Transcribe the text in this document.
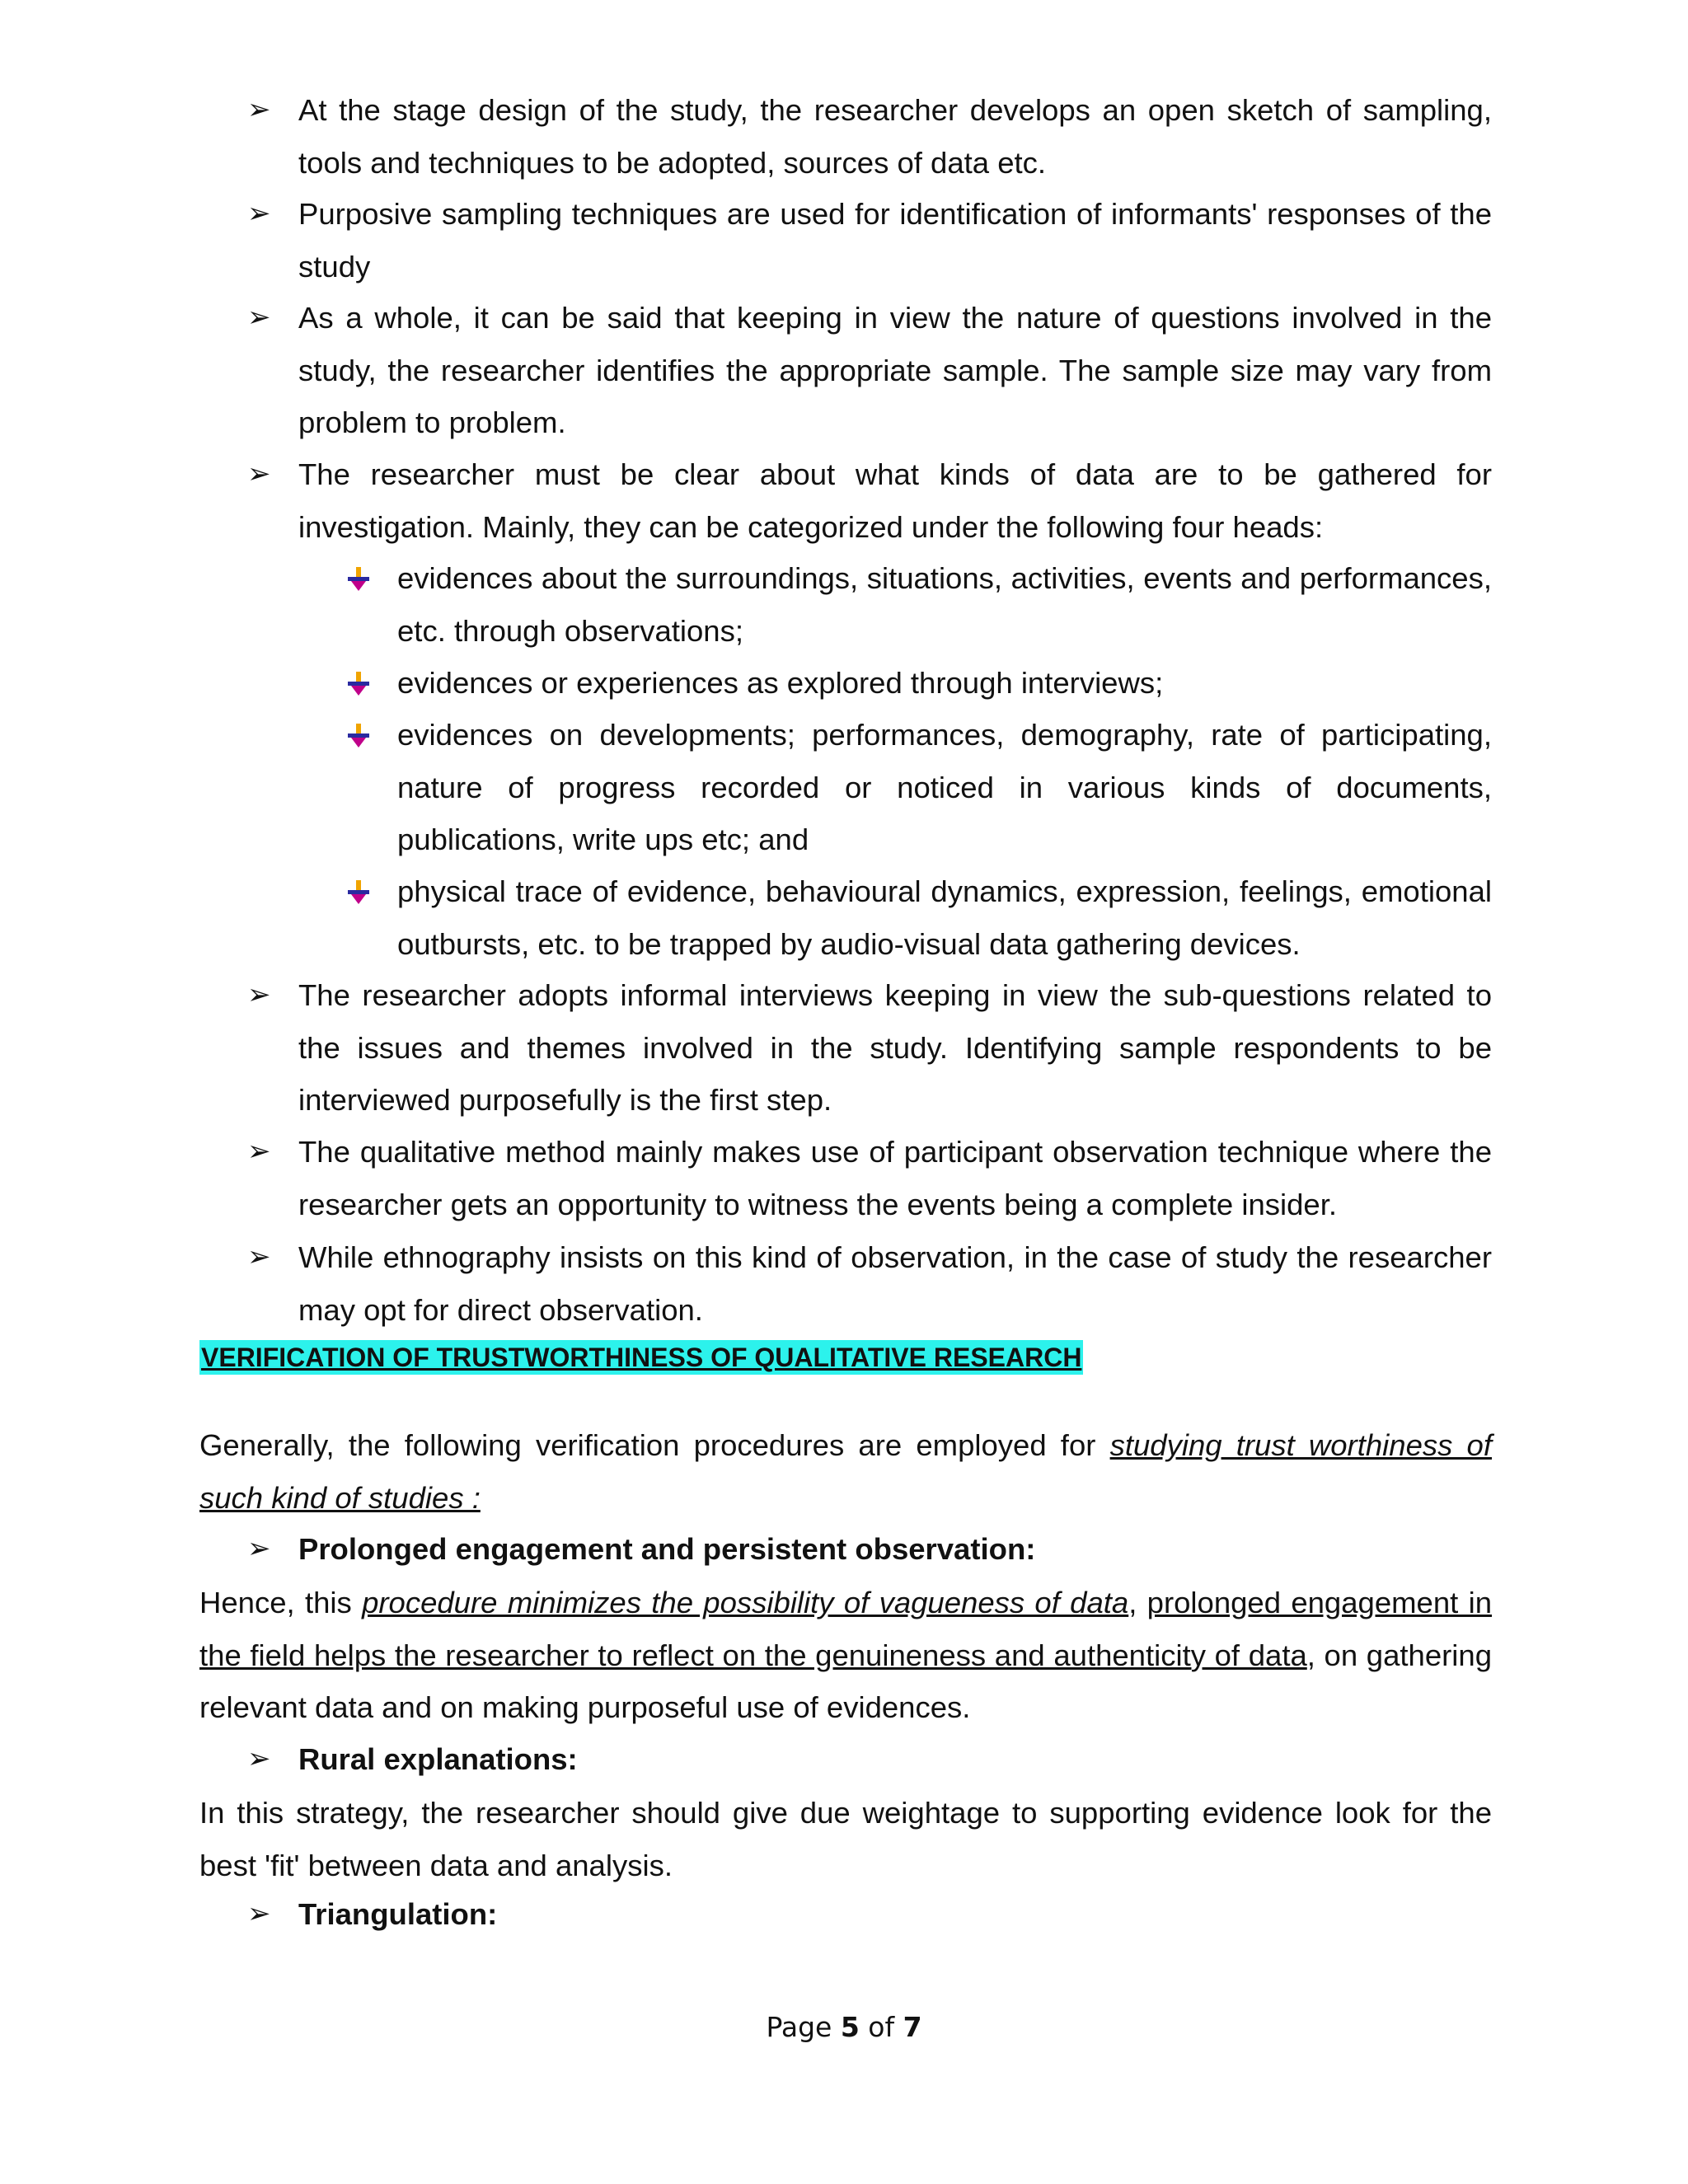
➢ At the stage design of the study, the researcher develops an open sketch of sampling, tools and techniques to be adopted, sources of data etc.
➢ Purposive sampling techniques are used for identification of informants' responses of the study
➢ As a whole, it can be said that keeping in view the nature of questions involved in the study, the researcher identifies the appropriate sample. The sample size may vary from problem to problem.
➢ The researcher must be clear about what kinds of data are to be gathered for investigation. Mainly, they can be categorized under the following four heads:
evidences about the surroundings, situations, activities, events and performances, etc. through observations;
evidences or experiences as explored through interviews;
evidences on developments; performances, demography, rate of participating, nature of progress recorded or noticed in various kinds of documents, publications, write ups etc; and
physical trace of evidence, behavioural dynamics, expression, feelings, emotional outbursts, etc. to be trapped by audio-visual data gathering devices.
➢ The researcher adopts informal interviews keeping in view the sub-questions related to the issues and themes involved in the study. Identifying sample respondents to be interviewed purposefully is the first step.
➢ The qualitative method mainly makes use of participant observation technique where the researcher gets an opportunity to witness the events being a complete insider.
➢ While ethnography insists on this kind of observation, in the case of study the researcher may opt for direct observation.
VERIFICATION OF TRUSTWORTHINESS OF QUALITATIVE RESEARCH

Generally, the following verification procedures are employed for studying trust worthiness of such kind of studies :

➢ Prolonged engagement and persistent observation:

Hence, this procedure minimizes the possibility of vagueness of data, prolonged engagement in the field helps the researcher to reflect on the genuineness and authenticity of data, on gathering relevant data and on making purposeful use of evidences.

➢ Rural explanations:

In this strategy, the researcher should give due weightage to supporting evidence look for the best 'fit' between data and analysis.

➢ Triangulation:
Page 5 of 7
